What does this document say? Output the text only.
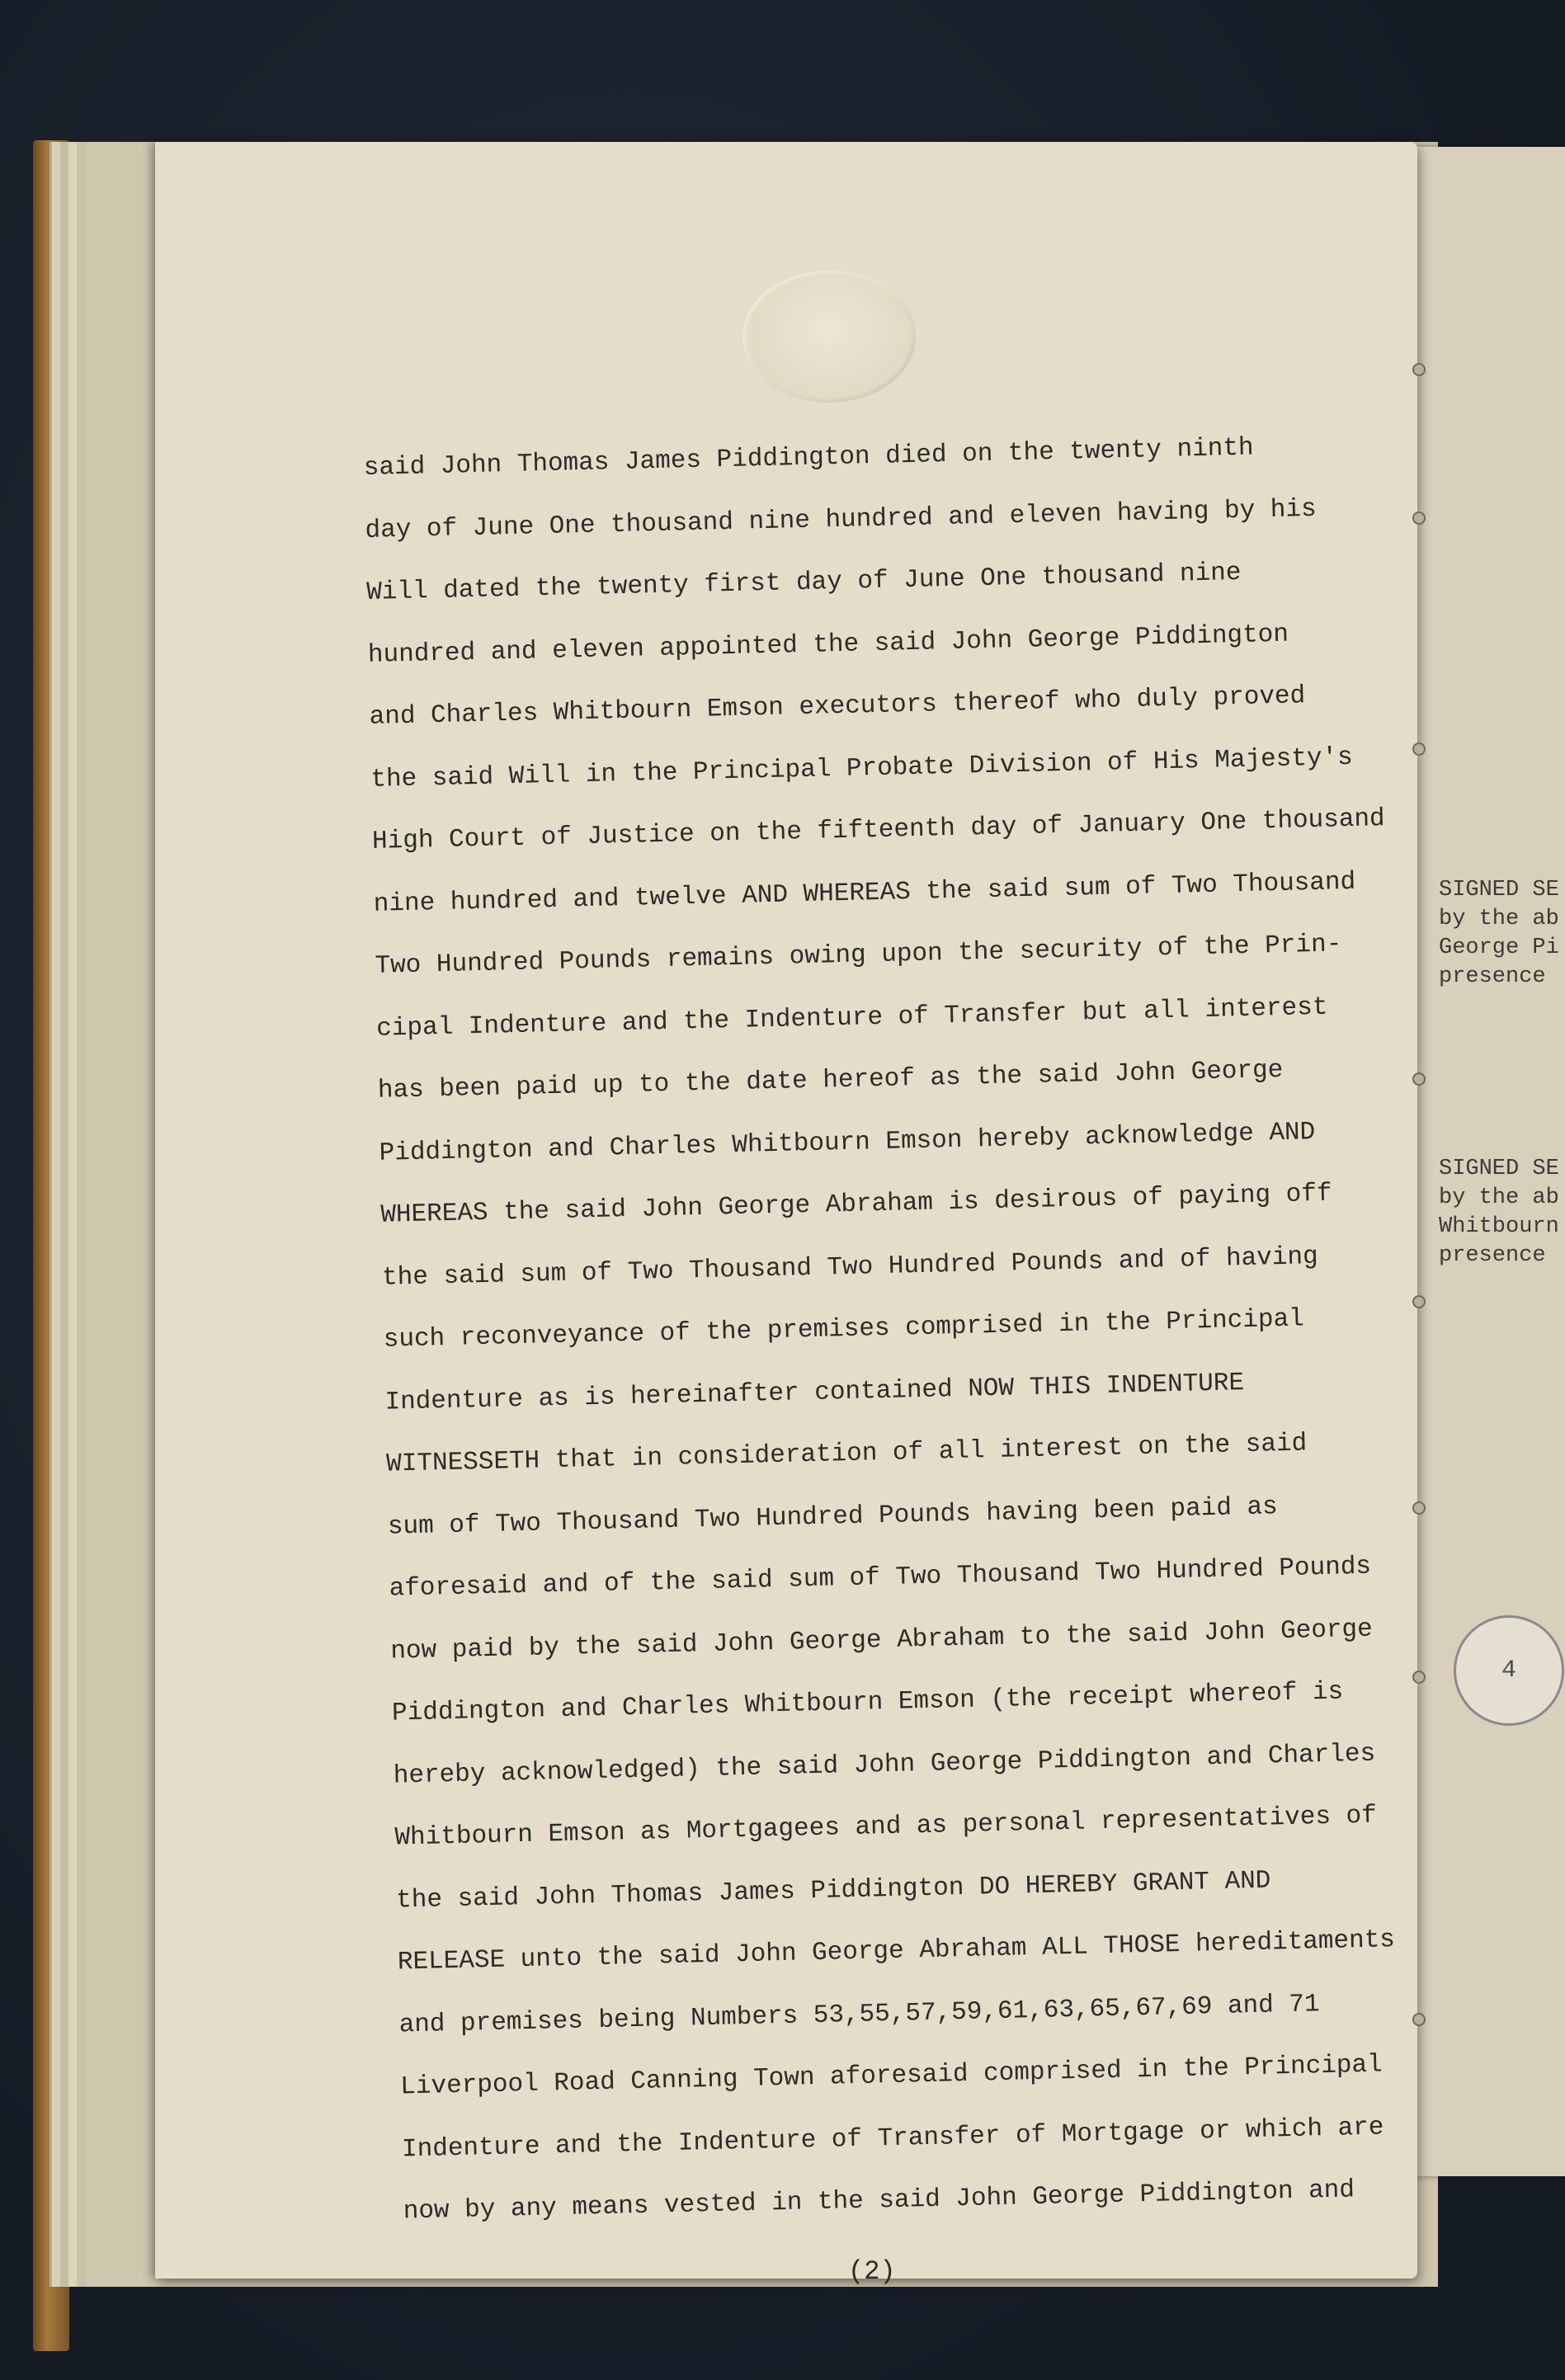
SIGNED SE
by the ab
George Pi
presence
SIGNED SE
by the ab
Whitbourn
presence
4
said John Thomas James Piddington died on the twenty ninth
day of June One thousand nine hundred and eleven having by his
Will dated the twenty first day of June One thousand nine
hundred and eleven appointed the said John George Piddington
and Charles Whitbourn Emson executors thereof who duly proved
the said Will in the Principal Probate Division of His Majesty's
High Court of Justice on the fifteenth day of January One thousand
nine hundred and twelve AND WHEREAS the said sum of Two Thousand
Two Hundred Pounds remains owing upon the security of the Prin-
cipal Indenture and the Indenture of Transfer but all interest
has been paid up to the date hereof as the said John George
Piddington and Charles Whitbourn Emson hereby acknowledge AND
WHEREAS the said John George Abraham is desirous of paying off
the said sum of Two Thousand Two Hundred Pounds and of having
such reconveyance of the premises comprised in the Principal
Indenture as is hereinafter contained NOW THIS INDENTURE
WITNESSETH that in consideration of all interest on the said
sum of Two Thousand Two Hundred Pounds having been paid as
aforesaid and of the said sum of Two Thousand Two Hundred Pounds
now paid by the said John George Abraham to the said John George
Piddington and Charles Whitbourn Emson (the receipt whereof is
hereby acknowledged) the said John George Piddington and Charles
Whitbourn Emson as Mortgagees and as personal representatives of
the said John Thomas James Piddington DO HEREBY GRANT AND
RELEASE unto the said John George Abraham ALL THOSE hereditaments
and premises being Numbers 53,55,57,59,61,63,65,67,69 and 71
Liverpool Road Canning Town aforesaid comprised in the Principal
Indenture and the Indenture of Transfer of Mortgage or which are
now by any means vested in the said John George Piddington and
(2)
